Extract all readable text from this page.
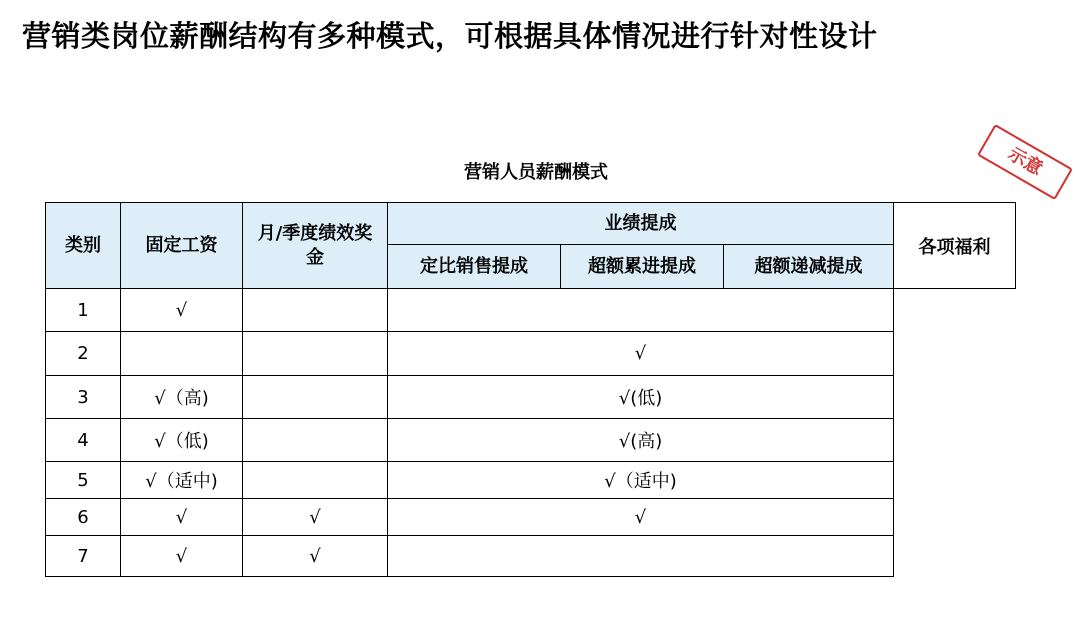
营销类岗位薪酬结构有多种模式，可根据具体情况进行针对性设计
示意
营销人员薪酬模式
类别	固定工资	月/季度绩效奖金	业绩提成			各项福利
			定比销售提成	超额累进提成	超额递减提成	
1	√					
2			√			
3	√（高)		√(低)			
4	√（低)		√(高)			
5	√（适中)		√（适中)			
6	√	√	√			
7	√	√				
